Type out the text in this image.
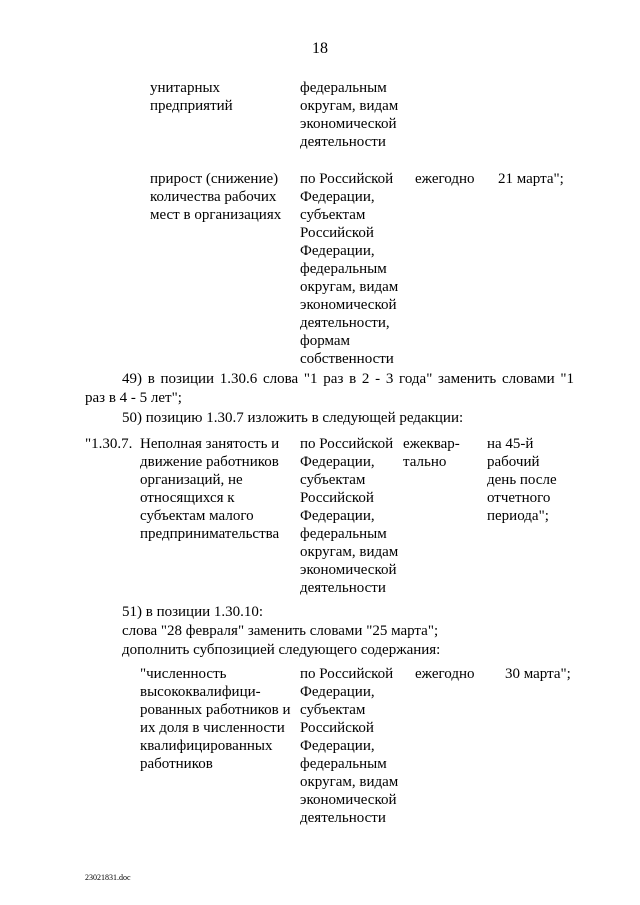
18
унитарных
предприятий
федеральным
округам, видам
экономической
деятельности
прирост (снижение)
количества рабочих
мест в организациях
по Российской
Федерации,
субъектам
Российской
Федерации,
федеральным
округам, видам
экономической
деятельности,
формам
собственности
ежегодно 21 марта";
49) в позиции 1.30.6 слова "1 раз в 2 - 3 года" заменить словами "1
раз в 4 - 5 лет";
50) позицию 1.30.7 изложить в следующей редакции:
"1.30.7. Неполная занятость и
движение работников
организаций, не
относящихся к
субъектам малого
предпринимательства
по Российской
Федерации,
субъектам
Российской
Федерации,
федеральным
округам, видам
экономической
деятельности
ежеквар-
тально
на 45-й
рабочий
день после
отчетного
периода";
51) в позиции 1.30.10:
слова "28 февраля" заменить словами "25 марта";
дополнить субпозицией следующего содержания:
"численность
высококвалифици-
рованных работников и
их доля в численности
квалифицированных
работников
по Российской
Федерации,
субъектам
Российской
Федерации,
федеральным
округам, видам
экономической
деятельности
ежегодно 30 марта";
23021831.doc
